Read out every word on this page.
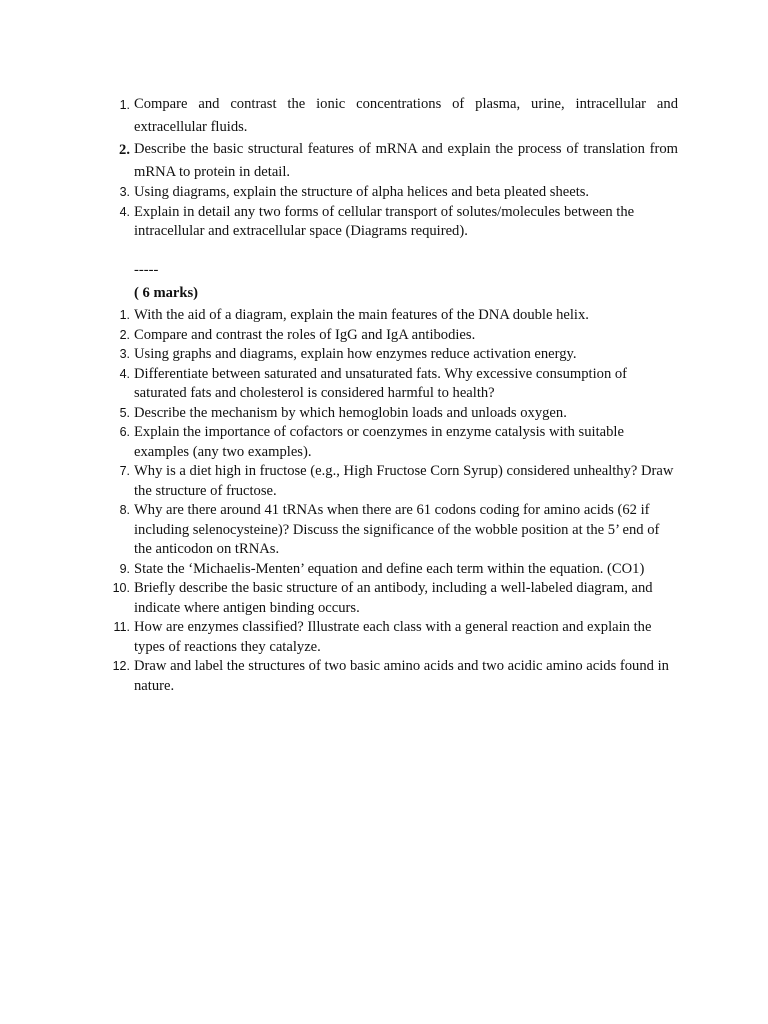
1. Compare and contrast the ionic concentrations of plasma, urine, intracellular and extracellular fluids.
2. Describe the basic structural features of mRNA and explain the process of translation from mRNA to protein in detail.
3. Using diagrams, explain the structure of alpha helices and beta pleated sheets.
4. Explain in detail any two forms of cellular transport of solutes/molecules between the intracellular and extracellular space (Diagrams required).
-----
( 6 marks)
1. With the aid of a diagram, explain the main features of the DNA double helix.
2. Compare and contrast the roles of IgG and IgA antibodies.
3. Using graphs and diagrams, explain how enzymes reduce activation energy.
4. Differentiate between saturated and unsaturated fats. Why excessive consumption of saturated fats and cholesterol is considered harmful to health?
5. Describe the mechanism by which hemoglobin loads and unloads oxygen.
6. Explain the importance of cofactors or coenzymes in enzyme catalysis with suitable examples (any two examples).
7. Why is a diet high in fructose (e.g., High Fructose Corn Syrup) considered unhealthy? Draw the structure of fructose.
8. Why are there around 41 tRNAs when there are 61 codons coding for amino acids (62 if including selenocysteine)? Discuss the significance of the wobble position at the 5’ end of the anticodon on tRNAs.
9. State the ‘Michaelis-Menten’ equation and define each term within the equation. (CO1)
10. Briefly describe the basic structure of an antibody, including a well-labeled diagram, and indicate where antigen binding occurs.
11. How are enzymes classified? Illustrate each class with a general reaction and explain the types of reactions they catalyze.
12. Draw and label the structures of two basic amino acids and two acidic amino acids found in nature.
